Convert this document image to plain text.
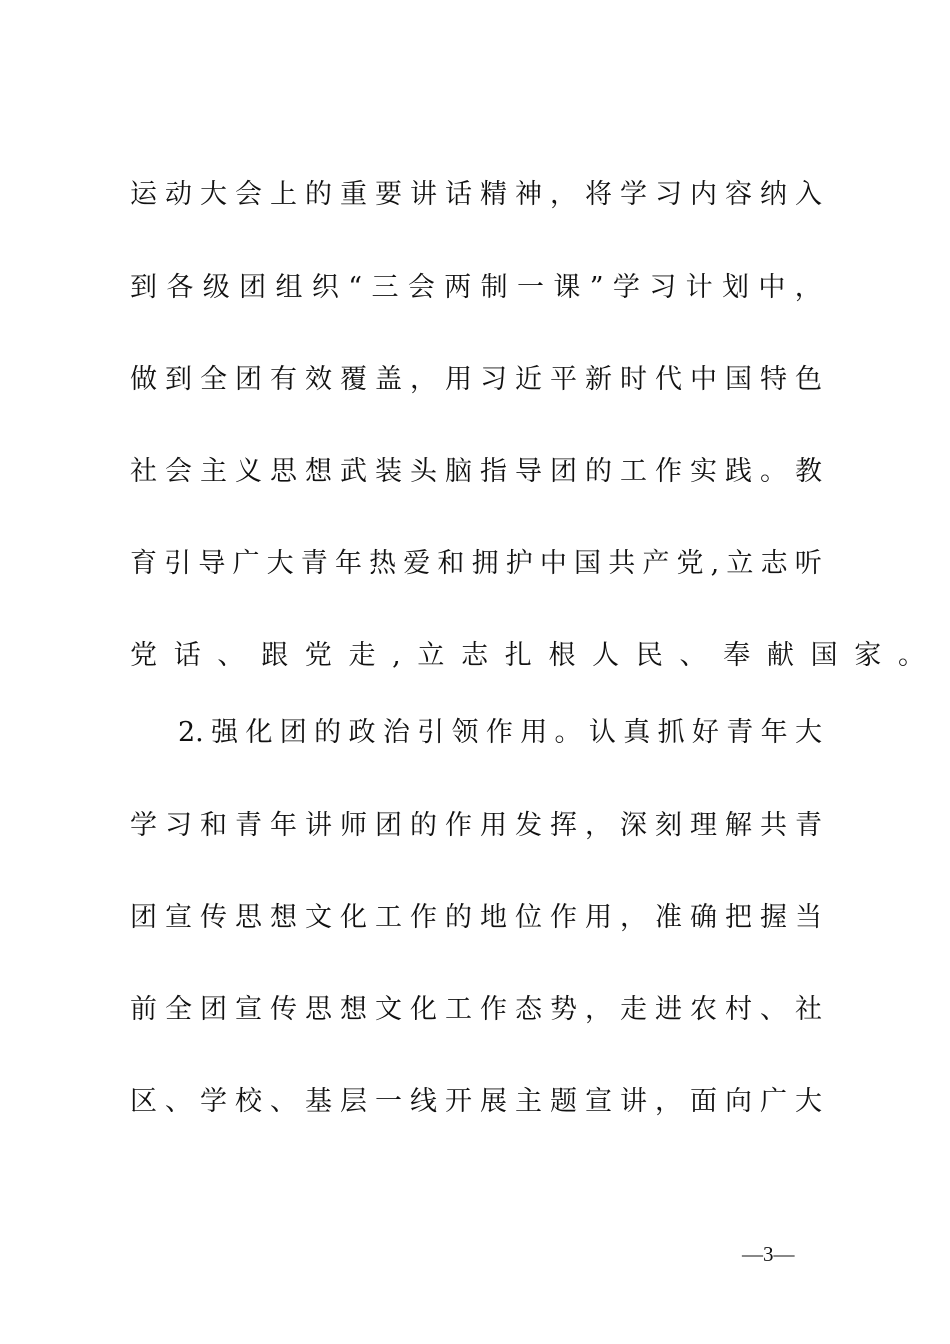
运 动 大 会 上 的 重 要 讲 话 精 神 ， 将 学 习 内 容 纳 入
到 各 级 团 组 织 “ 三 会 两 制 一 课 ” 学 习 计 划 中 ，
做 到 全 团 有 效 覆 盖 ， 用 习 近 平 新 时 代 中 国 特 色
社 会 主 义 思 想 武 装 头 脑 指 导 团 的 工 作 实 践 。 教
育 引 导 广 大 青 年 热 爱 和 拥 护 中 国 共 产 党 , 立 志 听
党 话 、 跟 党 走 , 立 志 扎 根 人 民 、 奉 献 国 家 。
2. 强 化 团 的 政 治 引 领 作 用 。 认 真 抓 好 青 年 大
学 习 和 青 年 讲 师 团 的 作 用 发 挥 ， 深 刻 理 解 共 青
团 宣 传 思 想 文 化 工 作 的 地 位 作 用 ， 准 确 把 握 当
前 全 团 宣 传 思 想 文 化 工 作 态 势 ， 走 进 农 村 、 社
区 、 学 校 、 基 层 一 线 开 展 主 题 宣 讲 ， 面 向 广 大
—3—
